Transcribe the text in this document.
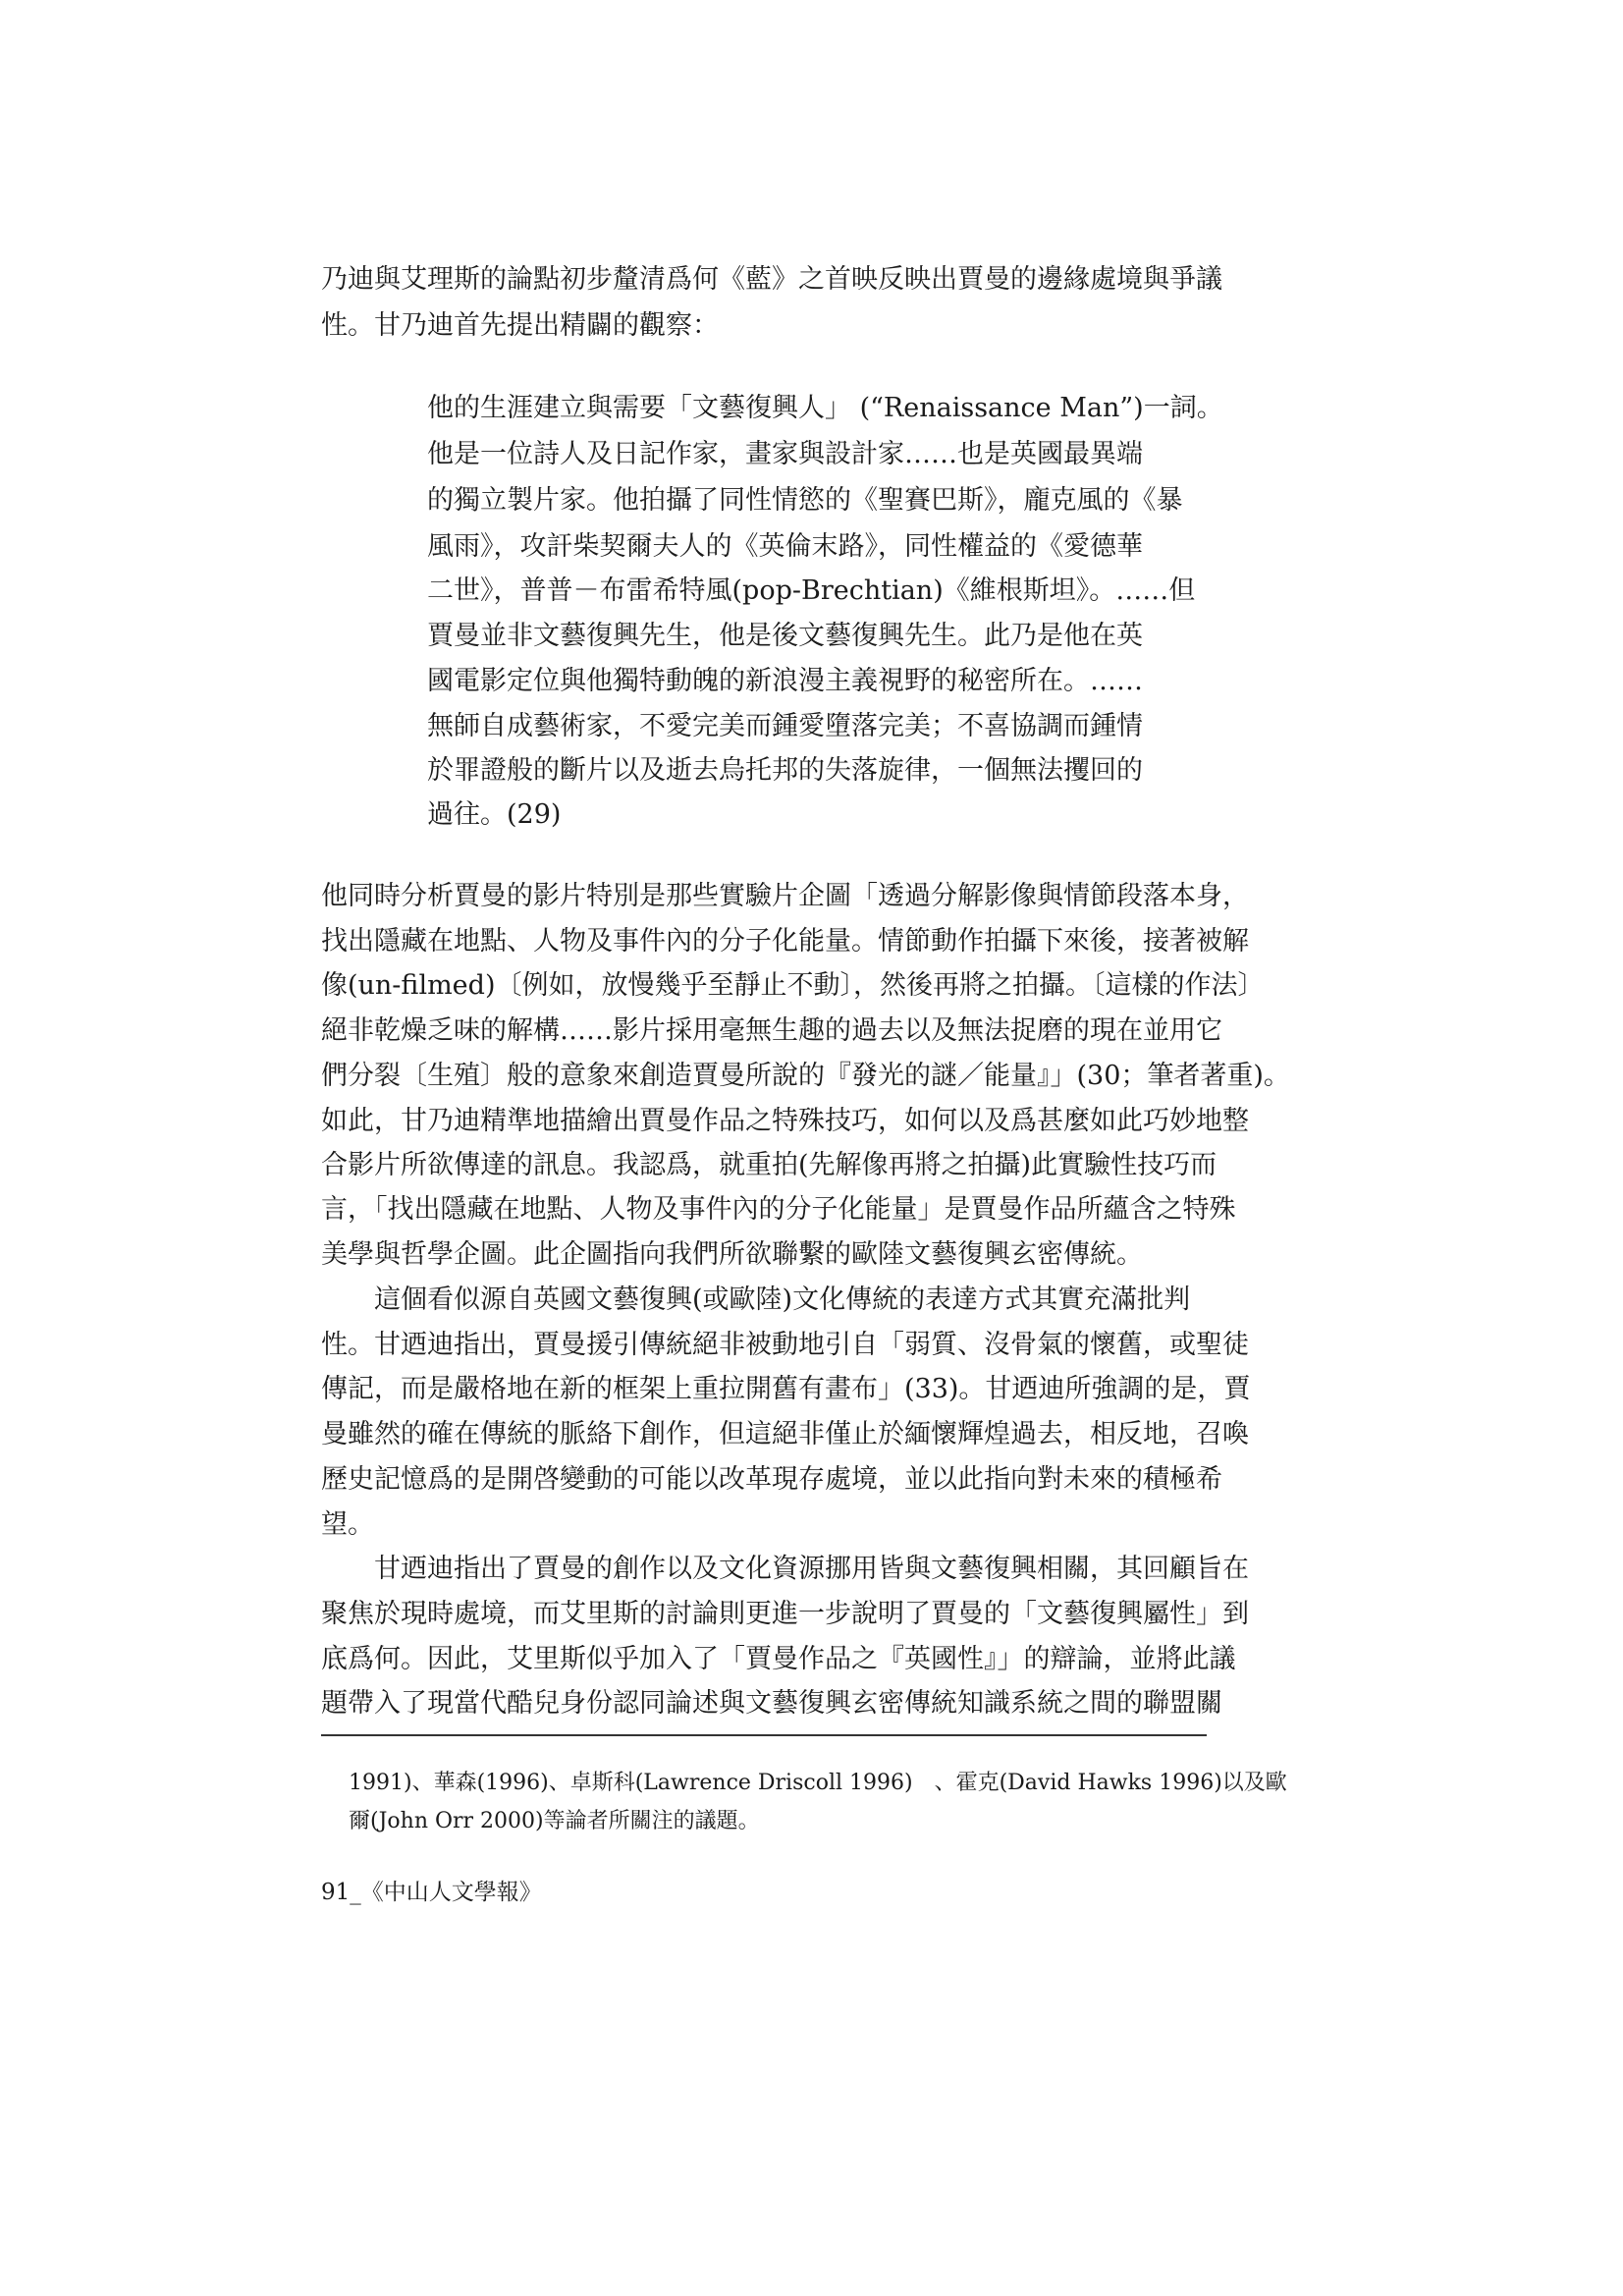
乃迪與艾理斯的論點初步釐清爲何《藍》之首映反映出賈曼的邊緣處境與爭議
性。甘乃迪首先提出精闢的觀察：
他的生涯建立與需要「文藝復興人」 (“Renaissance Man”)一詞。
他是一位詩人及日記作家，畫家與設計家……也是英國最異端
的獨立製片家。他拍攝了同性情慾的《聖賽巴斯》，龐克風的《暴
風雨》，攻訐柴契爾夫人的《英倫末路》，同性權益的《愛德華
二世》，普普－布雷希特風(pop-Brechtian)《維根斯坦》。……但
賈曼並非文藝復興先生，他是後文藝復興先生。此乃是他在英
國電影定位與他獨特動魄的新浪漫主義視野的秘密所在。……
無師自成藝術家，不愛完美而鍾愛墮落完美；不喜協調而鍾情
於罪證般的斷片以及逝去烏托邦的失落旋律，一個無法攫回的
過往。(29)
他同時分析賈曼的影片特別是那些實驗片企圖「透過分解影像與情節段落本身，
找出隱藏在地點、人物及事件內的分子化能量。情節動作拍攝下來後，接著被解
像(un-filmed)〔例如，放慢幾乎至靜止不動〕，然後再將之拍攝。〔這樣的作法〕
絕非乾燥乏味的解構……影片採用毫無生趣的過去以及無法捉磨的現在並用它
們分裂〔生殖〕般的意象來創造賈曼所說的『發光的謎／能量』」(30；筆者著重)。
如此，甘乃迪精準地描繪出賈曼作品之特殊技巧，如何以及爲甚麼如此巧妙地整
合影片所欲傳達的訊息。我認爲，就重拍(先解像再將之拍攝)此實驗性技巧而
言，「找出隱藏在地點、人物及事件內的分子化能量」是賈曼作品所蘊含之特殊
美學與哲學企圖。此企圖指向我們所欲聯繫的歐陸文藝復興玄密傳統。
這個看似源自英國文藝復興(或歐陸)文化傳統的表達方式其實充滿批判
性。甘迺迪指出，賈曼援引傳統絕非被動地引自「弱質、沒骨氣的懷舊，或聖徒
傳記，而是嚴格地在新的框架上重拉開舊有畫布」(33)。甘迺迪所強調的是，賈
曼雖然的確在傳統的脈絡下創作，但這絕非僅止於緬懷輝煌過去，相反地，召喚
歷史記憶爲的是開啓變動的可能以改革現存處境，並以此指向對未來的積極希
望。
甘迺迪指出了賈曼的創作以及文化資源挪用皆與文藝復興相關，其回顧旨在
聚焦於現時處境，而艾里斯的討論則更進一步說明了賈曼的「文藝復興屬性」到
底爲何。因此，艾里斯似乎加入了「賈曼作品之『英國性』」的辯論，並將此議
題帶入了現當代酷兒身份認同論述與文藝復興玄密傳統知識系統之間的聯盟關
1991)、華森(1996)、卓斯科(Lawrence Driscoll 1996)　、霍克(David Hawks 1996)以及歐
爾(John Orr 2000)等論者所關注的議題。
91_《中山人文學報》
